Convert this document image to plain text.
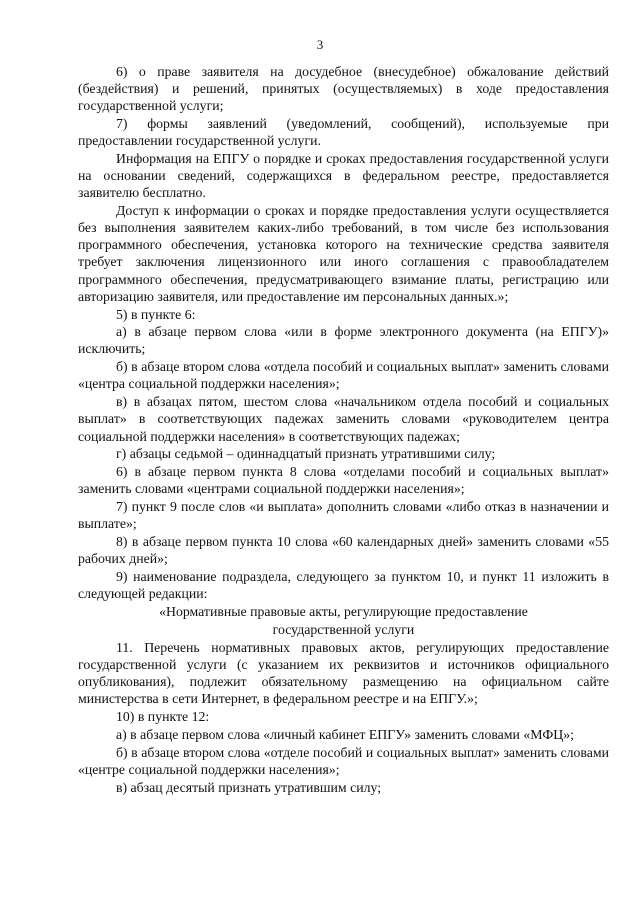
3

6) о праве заявителя на досудебное (внесудебное) обжалование действий (бездействия) и решений, принятых (осуществляемых) в ходе предоставления государственной услуги;

7) формы заявлений (уведомлений, сообщений), используемые при предоставлении государственной услуги.

Информация на ЕПГУ о порядке и сроках предоставления государственной услуги на основании сведений, содержащихся в федеральном реестре, предоставляется заявителю бесплатно.

Доступ к информации о сроках и порядке предоставления услуги осуществляется без выполнения заявителем каких-либо требований, в том числе без использования программного обеспечения, установка которого на технические средства заявителя требует заключения лицензионного или иного соглашения с правообладателем программного обеспечения, предусматривающего взимание платы, регистрацию или авторизацию заявителя, или предоставление им персональных данных.»;

5) в пункте 6:

а) в абзаце первом слова «или в форме электронного документа (на ЕПГУ)» исключить;

б) в абзаце втором слова «отдела пособий и социальных выплат» заменить словами «центра социальной поддержки населения»;

в) в абзацах пятом, шестом слова «начальником отдела пособий и социальных выплат» в соответствующих падежах заменить словами «руководителем центра социальной поддержки населения» в соответствующих падежах;

г) абзацы седьмой – одиннадцатый признать утратившими силу;

6) в абзаце первом пункта 8 слова «отделами пособий и социальных выплат» заменить словами «центрами социальной поддержки населения»;

7) пункт 9 после слов «и выплата» дополнить словами «либо отказ в назначении и выплате»;

8) в абзаце первом пункта 10 слова «60 календарных дней» заменить словами «55 рабочих дней»;

9) наименование подраздела, следующего за пунктом 10, и пункт 11 изложить в следующей редакции:

«Нормативные правовые акты, регулирующие предоставление

государственной услуги

11. Перечень нормативных правовых актов, регулирующих предоставление государственной услуги (с указанием их реквизитов и источников официального опубликования), подлежит обязательному размещению на официальном сайте министерства в сети Интернет, в федеральном реестре и на ЕПГУ.»;

10) в пункте 12:

а) в абзаце первом слова «личный кабинет ЕПГУ» заменить словами «МФЦ»;

б) в абзаце втором слова «отделе пособий и социальных выплат» заменить словами «центре социальной поддержки населения»;

в) абзац десятый признать утратившим силу;
